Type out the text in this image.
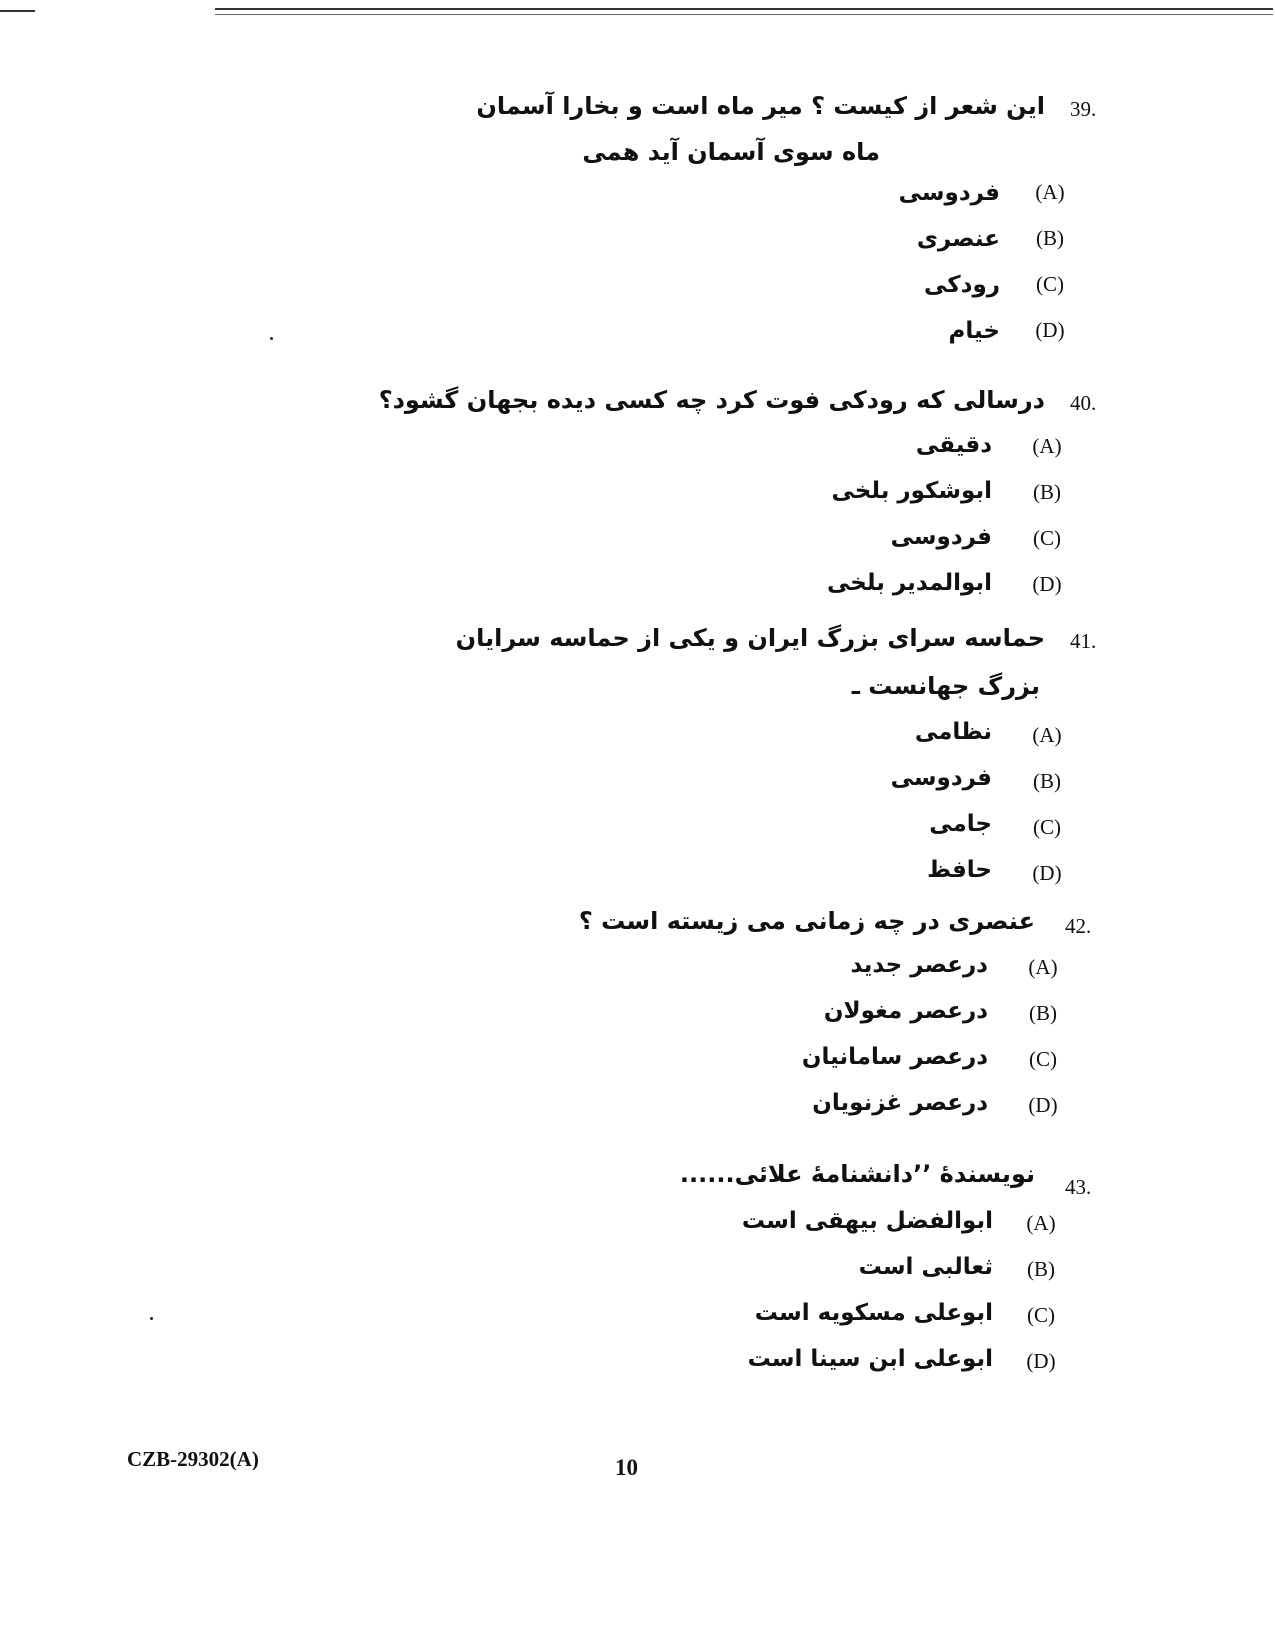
39.
این شعر از کیست ؟ میر ماه است و بخارا آسمان
ماه سوی آسمان آید همی
(A)
فردوسی
(B)
عنصری
(C)
رودکی
(D)
خیام
40.
درسالی که رودکی فوت کرد چه کسی دیده بجهان گشود؟
(A)
دقیقی
(B)
ابوشکور بلخی
(C)
فردوسی
(D)
ابوالمدیر بلخی
41.
حماسه سرای بزرگ ایران و یکی از حماسه سرایان
بزرگ جهانست ـ
(A)
نظامی
(B)
فردوسی
(C)
جامی
(D)
حافظ
42.
عنصری در چه زمانی می زیسته است ؟
(A)
درعصر جدید
(B)
درعصر مغولان
(C)
درعصر سامانیان
(D)
درعصر غزنویان
43.
نویسندهٔ ’’دانشنامهٔ علائی......
(A)
ابوالفضل بیهقی است
(B)
ثعالبی است
(C)
ابوعلی مسکویه است
(D)
ابوعلی ابن سینا است
CZB-29302(A)	10
